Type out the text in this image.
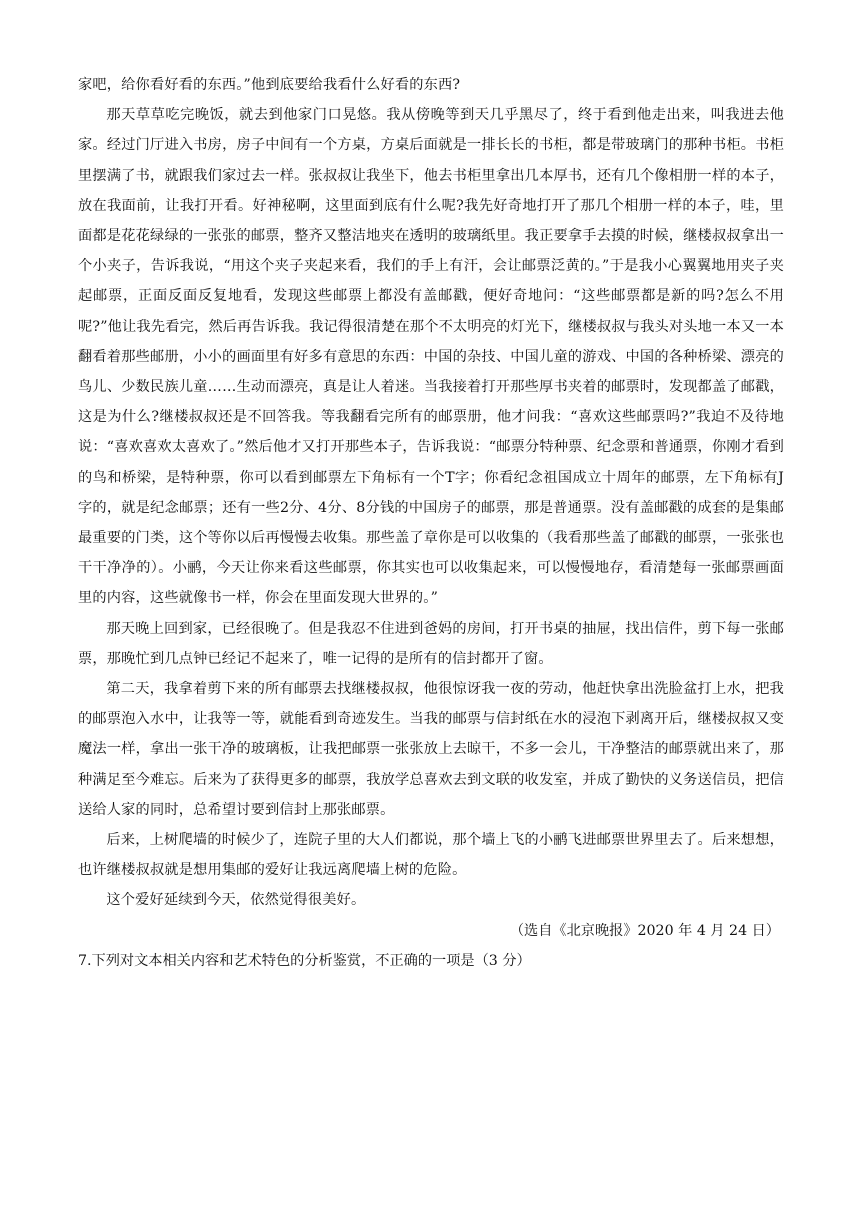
家吧，给你看好看的东西。”他到底要给我看什么好看的东西?

那天草草吃完晚饭，就去到他家门口晃悠。我从傍晚等到天几乎黑尽了，终于看到他走出来，叫我进去他家。经过门厅进入书房，房子中间有一个方桌，方桌后面就是一排长长的书柜，都是带玻璃门的那种书柜。书柜里摆满了书，就跟我们家过去一样。张叔叔让我坐下，他去书柜里拿出几本厚书，还有几个像相册一样的本子，放在我面前，让我打开看。好神秘啊，这里面到底有什么呢?我先好奇地打开了那几个相册一样的本子，哇，里面都是花花绿绿的一张张的邮票，整齐又整洁地夹在透明的玻璃纸里。我正要拿手去摸的时候，继楼叔叔拿出一个小夹子，告诉我说，“用这个夹子夹起来看，我们的手上有汗，会让邮票泛黄的。”于是我小心翼翼地用夹子夹起邮票，正面反面反复地看，发现这些邮票上都没有盖邮戳，便好奇地问：“这些邮票都是新的吗?怎么不用呢?”他让我先看完，然后再告诉我。我记得很清楚在那个不太明亮的灯光下，继楼叔叔与我头对头地一本又一本翻看着那些邮册，小小的画面里有好多有意思的东西：中国的杂技、中国儿童的游戏、中国的各种桥梁、漂亮的鸟儿、少数民族儿童……生动而漂亮，真是让人着迷。当我接着打开那些厚书夹着的邮票时，发现都盖了邮戳，这是为什么?继楼叔叔还是不回答我。等我翻看完所有的邮票册，他才问我：“喜欢这些邮票吗?”我迫不及待地说：“喜欢喜欢太喜欢了。”然后他才又打开那些本子，告诉我说：“邮票分特种票、纪念票和普通票，你刚才看到的鸟和桥梁，是特种票，你可以看到邮票左下角标有一个T字；你看纪念祖国成立十周年的邮票，左下角标有J字的，就是纪念邮票；还有一些2分、4分、8分钱的中国房子的邮票，那是普通票。没有盖邮戳的成套的是集邮最重要的门类，这个等你以后再慢慢去收集。那些盖了章你是可以收集的（我看那些盖了邮戳的邮票，一张张也干干净净的）。小鹂，今天让你来看这些邮票，你其实也可以收集起来，可以慢慢地存，看清楚每一张邮票画面里的内容，这些就像书一样，你会在里面发现大世界的。”

那天晚上回到家，已经很晚了。但是我忍不住进到爸妈的房间，打开书桌的抽屉，找出信件，剪下每一张邮票，那晚忙到几点钟已经记不起来了，唯一记得的是所有的信封都开了窗。

第二天，我拿着剪下来的所有邮票去找继楼叔叔，他很惊讶我一夜的劳动，他赶快拿出洗脸盆打上水，把我的邮票泡入水中，让我等一等，就能看到奇迹发生。当我的邮票与信封纸在水的浸泡下剥离开后，继楼叔叔又变魔法一样，拿出一张干净的玻璃板，让我把邮票一张张放上去晾干，不多一会儿，干净整洁的邮票就出来了，那种满足至今难忘。后来为了获得更多的邮票，我放学总喜欢去到文联的收发室，并成了勤快的义务送信员，把信送给人家的同时，总希望讨要到信封上那张邮票。

后来，上树爬墙的时候少了，连院子里的大人们都说，那个墙上飞的小鹂飞进邮票世界里去了。后来想想，也许继楼叔叔就是想用集邮的爱好让我远离爬墙上树的危险。

这个爱好延续到今天，依然觉得很美好。

（选自《北京晚报》2020 年 4 月 24 日）

7.下列对文本相关内容和艺术特色的分析鉴赏，不正确的一项是（3 分）
